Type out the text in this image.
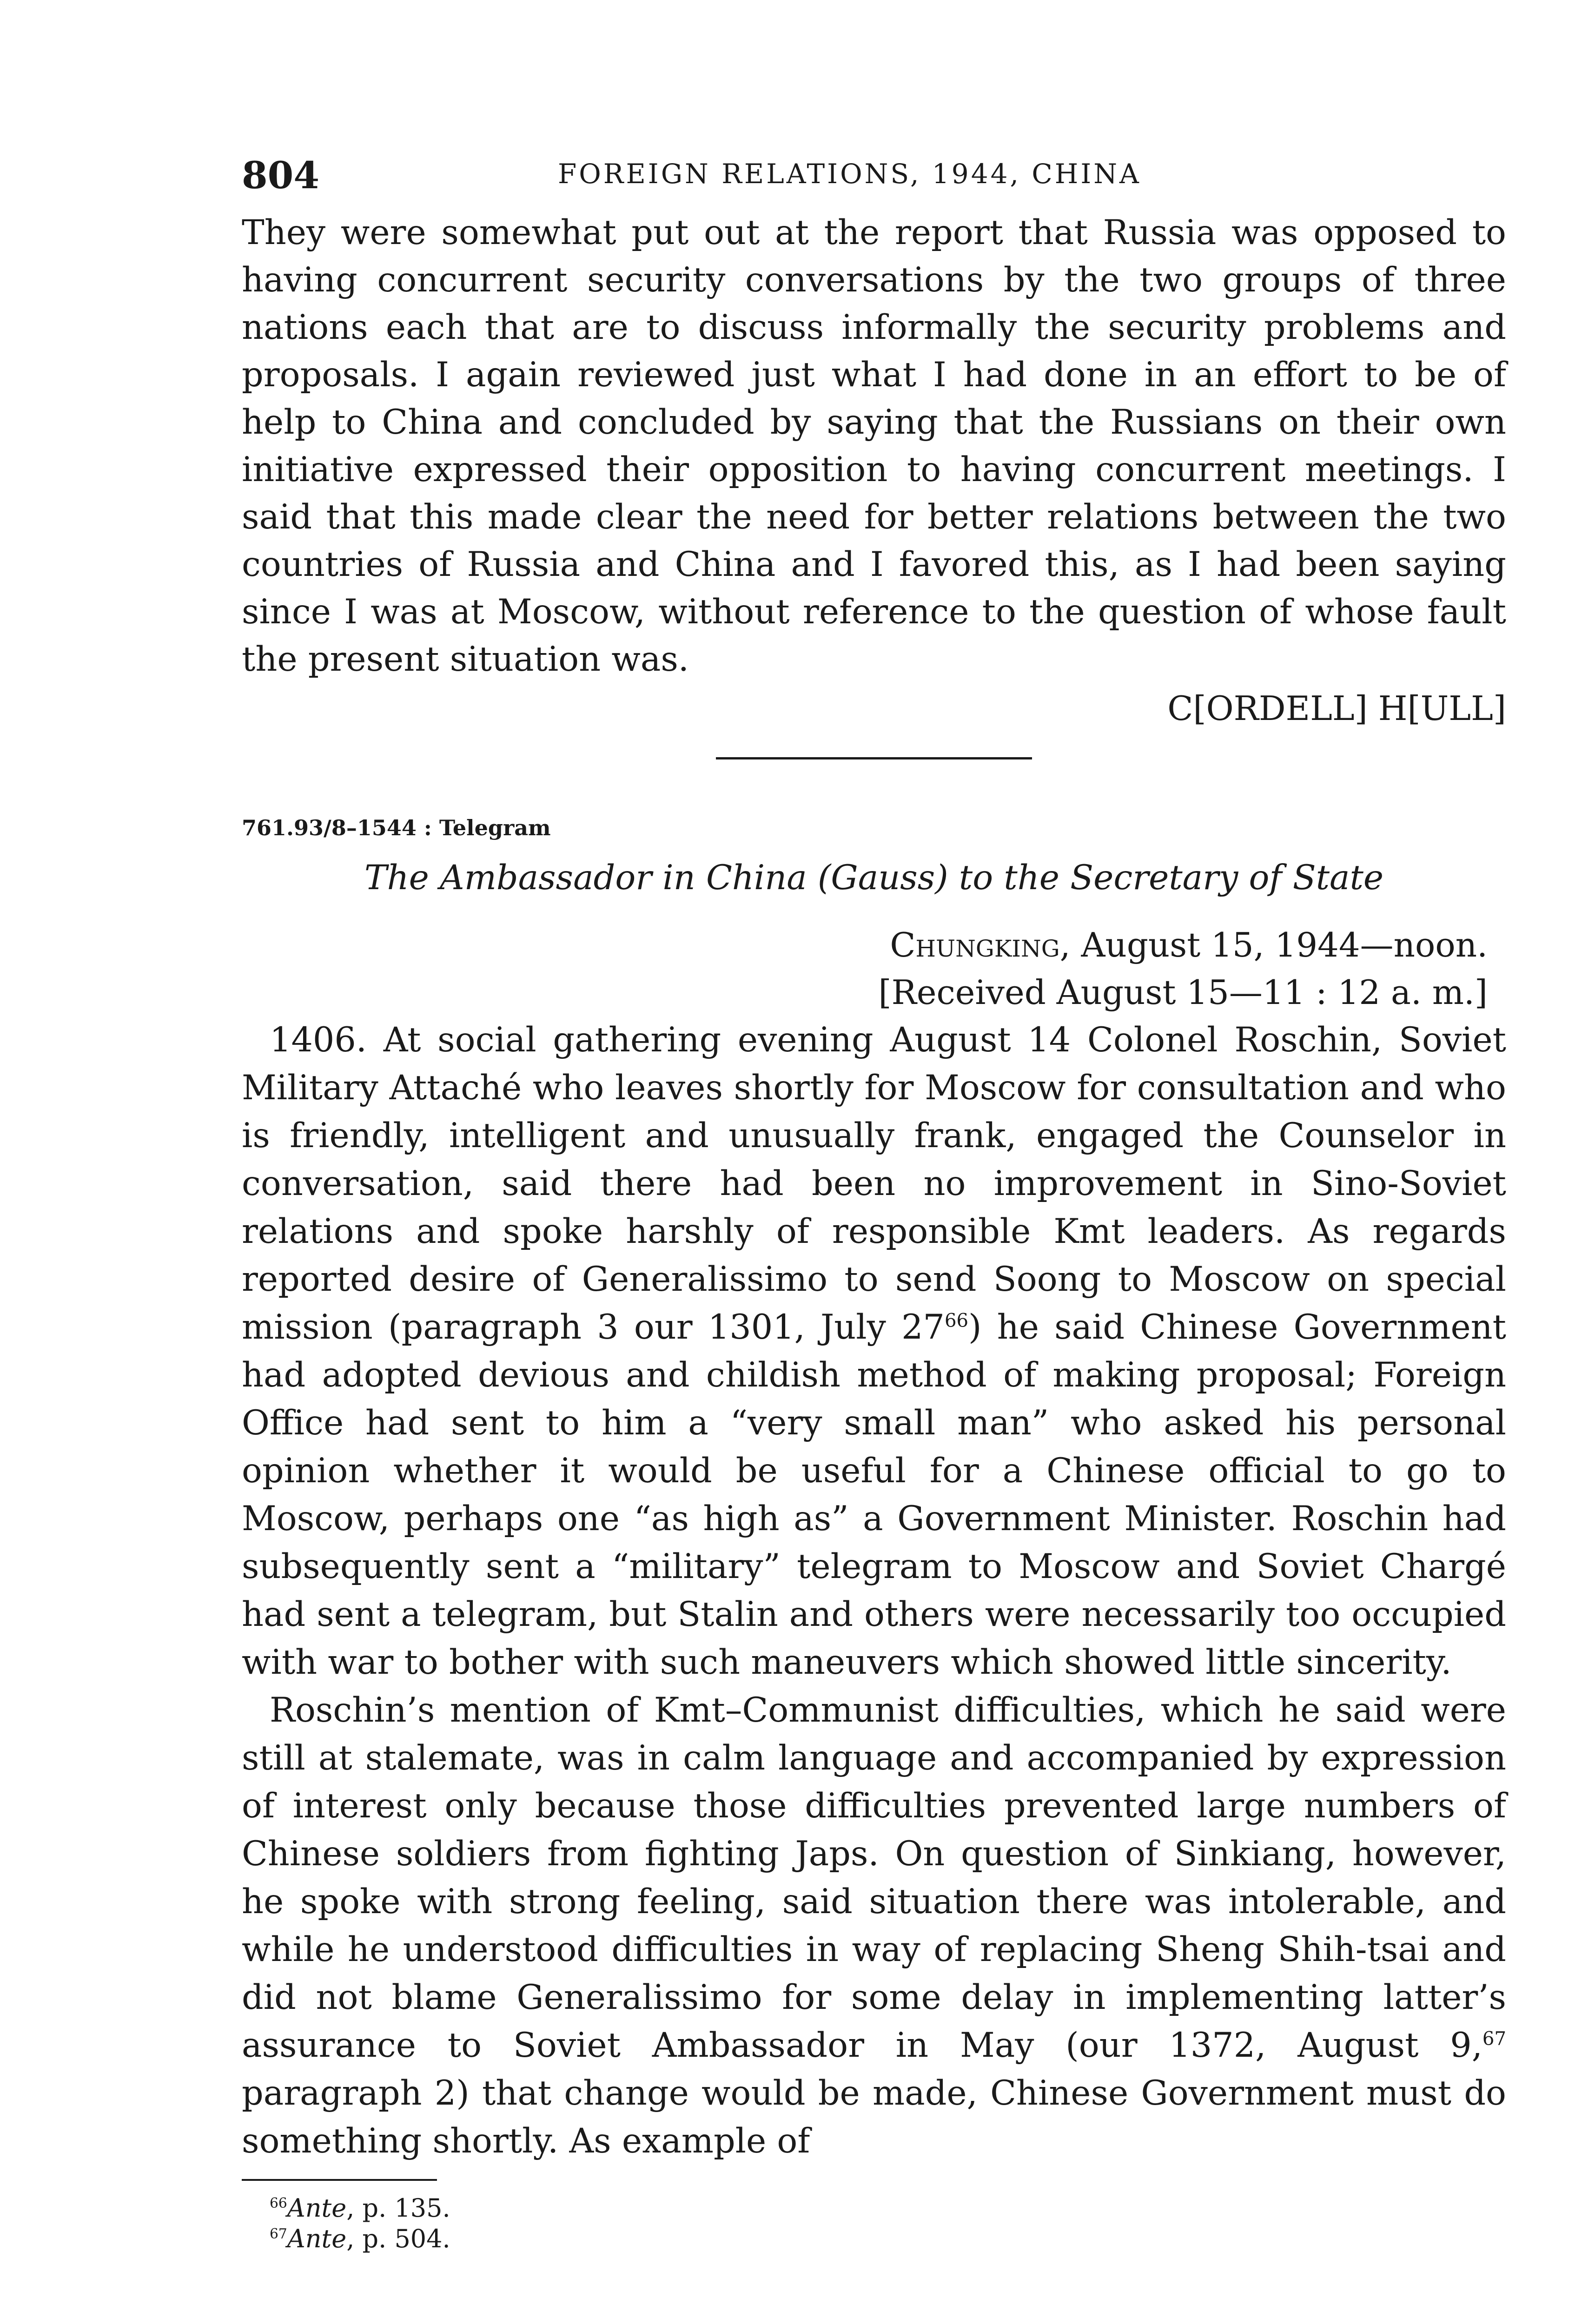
804	FOREIGN RELATIONS, 1944, CHINA

They were somewhat put out at the report that Russia was opposed to having concurrent security conversations by the two groups of three nations each that are to discuss informally the security problems and proposals. I again reviewed just what I had done in an effort to be of help to China and concluded by saying that the Russians on their own initiative expressed their opposition to having concurrent meetings. I said that this made clear the need for better relations between the two countries of Russia and China and I favored this, as I had been saying since I was at Moscow, without reference to the question of whose fault the present situation was.

C[ORDELL] H[ULL]
761.93/8–1544 : Telegram
The Ambassador in China (Gauss) to the Secretary of State
Chungking, August 15, 1944—noon.
[Received August 15—11 : 12 a. m.]

1406. At social gathering evening August 14 Colonel Roschin, Soviet Military Attaché who leaves shortly for Moscow for consultation and who is friendly, intelligent and unusually frank, engaged the Counselor in conversation, said there had been no improvement in Sino-Soviet relations and spoke harshly of responsible Kmt leaders. As regards reported desire of Generalissimo to send Soong to Moscow on special mission (paragraph 3 our 1301, July $27^{66}$) he said Chinese Government had adopted devious and childish method of making proposal; Foreign Office had sent to him a “very small man” who asked his personal opinion whether it would be useful for a Chinese official to go to Moscow, perhaps one “as high as” a Government Minister. Roschin had subsequently sent a “military” telegram to Moscow and Soviet Chargé had sent a telegram, but Stalin and others were necessarily too occupied with war to bother with such maneuvers which showed little sincerity.

Roschin’s mention of Kmt–Communist difficulties, which he said were still at stalemate, was in calm language and accompanied by expression of interest only because those difficulties prevented large numbers of Chinese soldiers from fighting Japs. On question of Sinkiang, however, he spoke with strong feeling, said situation there was intolerable, and while he understood difficulties in way of replacing Sheng Shih-tsai and did not blame Generalissimo for some delay in implementing latter’s assurance to Soviet Ambassador in May (our 1372, August 9,67 paragraph 2) that change would be made, Chinese Government must do something shortly. As example of

$^{66}$Ante, p. 135.
$^{67}$Ante, p. 504.
